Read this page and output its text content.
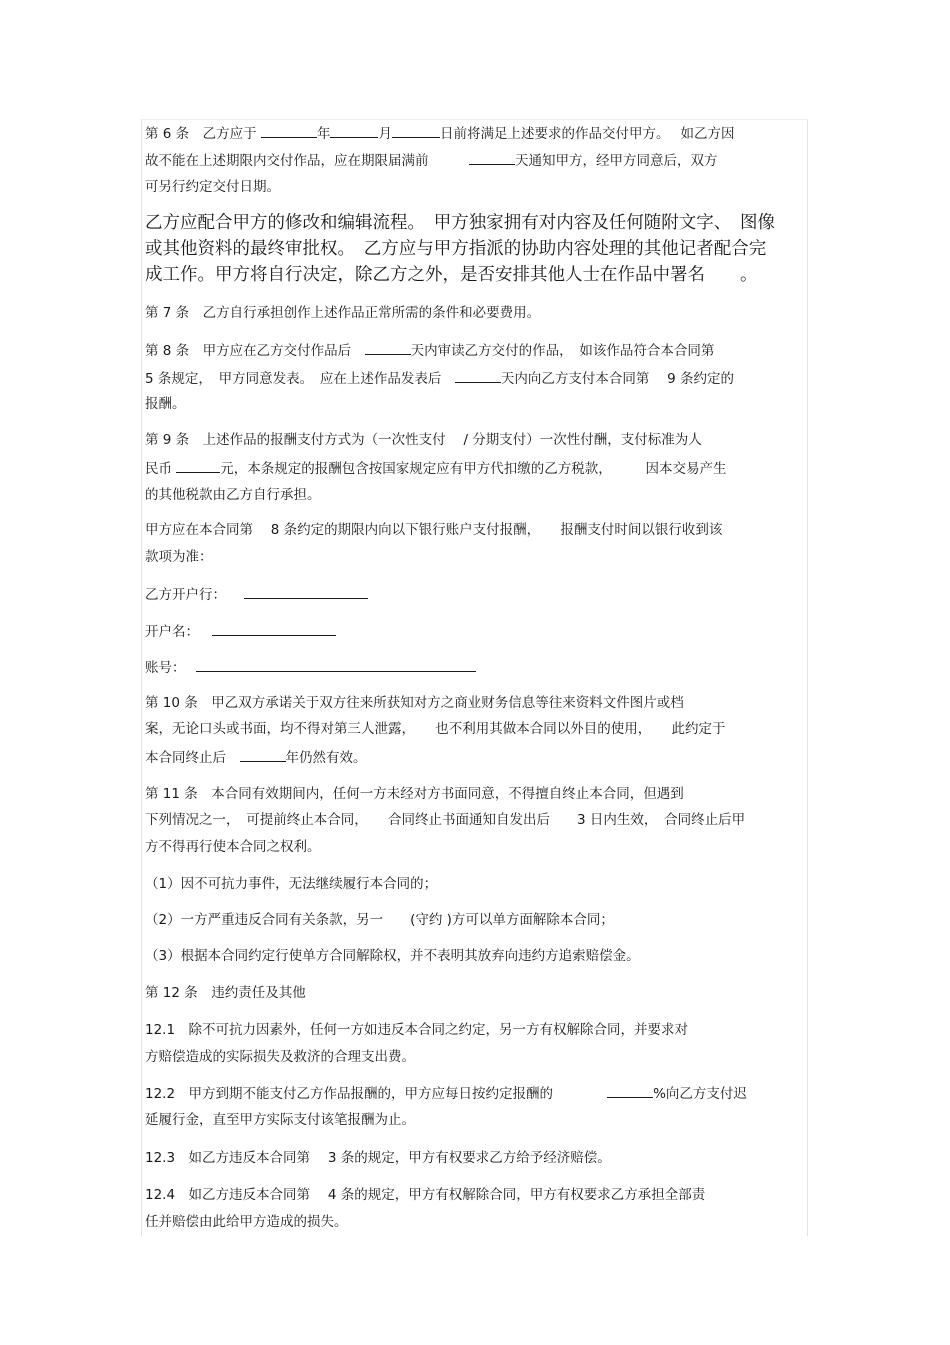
第 6 条　乙方应于	年	月	日前将满足上述要求的作品交付甲方。　 如乙方因
故不能在上述期限内交付作品，应在期限届满前　　　	天通知甲方，经甲方同意后，双方
可另行约定交付日期。
乙方应配合甲方的修改和编辑流程。　甲方独家拥有对内容及任何随附文字、　图像
或其他资料的最终审批权。　乙方应与甲方指派的协助内容处理的其他记者配合完
成工作。甲方将自行决定，除乙方之外，是否安排其他人士在作品中署名　　。
第 7 条　乙方自行承担创作上述作品正常所需的条件和必要费用。
第 8 条　甲方应在乙方交付作品后　	天内审读乙方交付的作品，　如该作品符合本合同第
5 条规定，　甲方同意发表。　应在上述作品发表后　	天内向乙方支付本合同第　 9 条约定的
报酬。
第 9 条　上述作品的报酬支付方式为（一次性支付　 / 分期支付）一次性付酬，支付标准为人
民币	元，本条规定的报酬包含按国家规定应有甲方代扣缴的乙方税款，　　　因本交易产生
的其他税款由乙方自行承担。
甲方应在本合同第　 8 条约定的期限内向以下银行账户支付报酬，　　报酬支付时间以银行收到该
款项为准：
乙方开户行：
开户名：
账号：
第 10 条　甲乙双方承诺关于双方往来所获知对方之商业财务信息等往来资料文件图片或档
案，无论口头或书面，均不得对第三人泄露，　　也不利用其做本合同以外目的使用，　　此约定于
本合同终止后　	年仍然有效。
第 11 条　本合同有效期间内，任何一方未经对方书面同意，不得擅自终止本合同，但遇到
下列情况之一，　可提前终止本合同，　　合同终止书面通知自发出后　　3 日内生效，　合同终止后甲
方不得再行使本合同之权利。
（1）因不可抗力事件，无法继续履行本合同的；
（2）一方严重违反合同有关条款，另一　　(守约 )方可以单方面解除本合同；
（3）根据本合同约定行使单方合同解除权，并不表明其放弃向违约方追索赔偿金。
第 12 条　违约责任及其他
12.1　除不可抗力因素外，任何一方如违反本合同之约定，另一方有权解除合同，并要求对
方赔偿造成的实际损失及救济的合理支出费。
12.2　甲方到期不能支付乙方作品报酬的，甲方应每日按约定报酬的　　　　	%向乙方支付迟
延履行金，直至甲方实际支付该笔报酬为止。
12.3　如乙方违反本合同第　 3 条的规定，甲方有权要求乙方给予经济赔偿。
12.4　如乙方违反本合同第　 4 条的规定，甲方有权解除合同，甲方有权要求乙方承担全部责
任并赔偿由此给甲方造成的损失。
